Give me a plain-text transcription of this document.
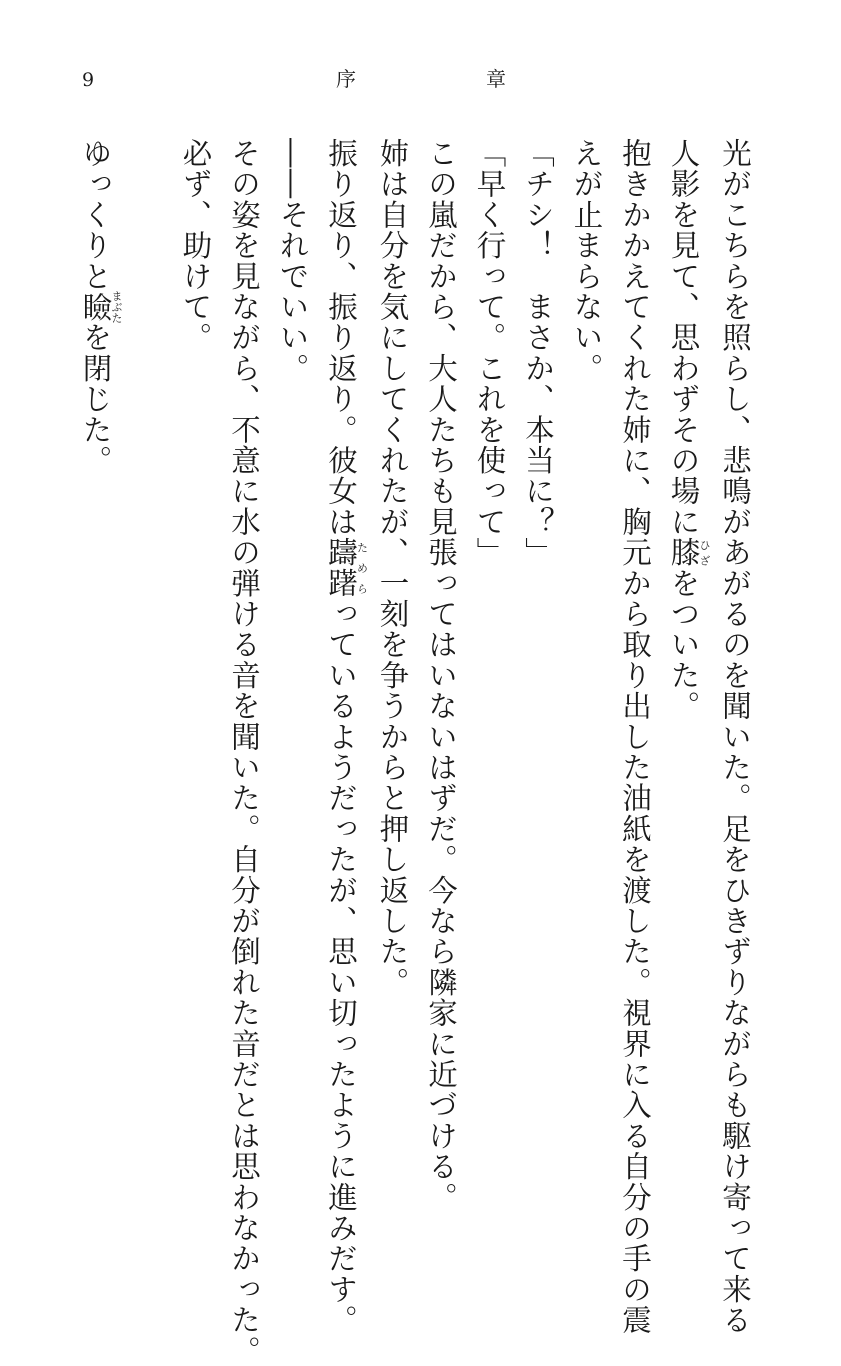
9	序	章
光がこちらを照らし、悲鳴があがるのを聞いた。足をひきずりながらも駆け寄って来る
人影を見て、思わずその場に膝ひざをついた。
抱きかかえてくれた姉に、胸元から取り出した油紙を渡した。視界に入る自分の手の震
えが止まらない。
「チシ！　まさか、本当に？」
「早く行って。これを使って」
この嵐だから、大人たちも見張ってはいないはずだ。今なら隣家に近づける。
姉は自分を気にしてくれたが、一刻を争うからと押し返した。
振り返り、振り返り。彼女は躊躇ためらっているようだったが、思い切ったように進みだす。
――それでいい。
その姿を見ながら、不意に水の弾ける音を聞いた。自分が倒れた音だとは思わなかった。
必ず、助けて。
ゆっくりと瞼まぶたを閉じた。
